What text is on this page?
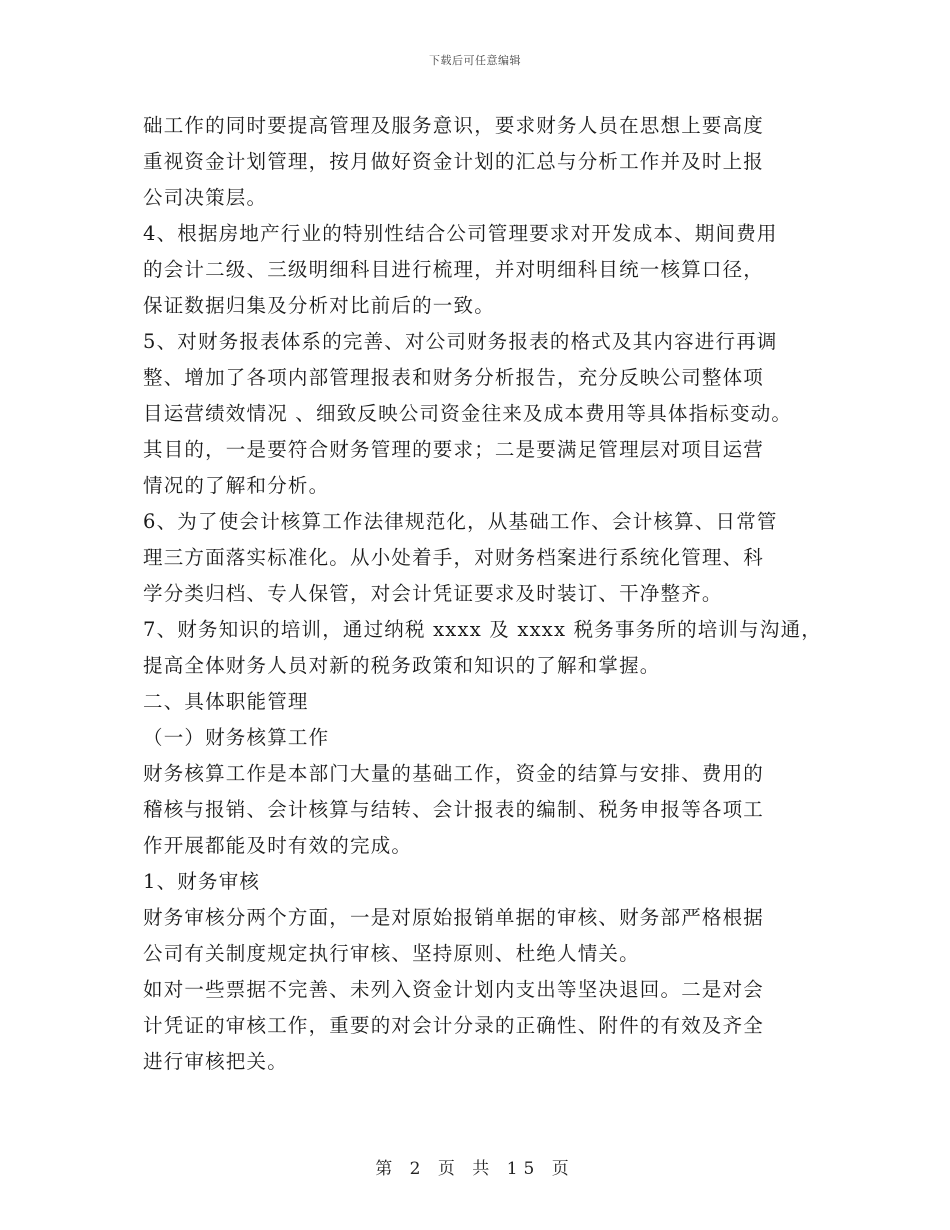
下载后可任意编辑
础工作的同时要提高管理及服务意识，要求财务人员在思想上要高度
重视资金计划管理，按月做好资金计划的汇总与分析工作并及时上报
公司决策层。
4、根据房地产行业的特别性结合公司管理要求对开发成本、期间费用
的会计二级、三级明细科目进行梳理，并对明细科目统一核算口径，
保证数据归集及分析对比前后的一致。
5、对财务报表体系的完善、对公司财务报表的格式及其内容进行再调
整、增加了各项内部管理报表和财务分析报告，充分反映公司整体项
目运营绩效情况 、细致反映公司资金往来及成本费用等具体指标变动。
其目的，一是要符合财务管理的要求；二是要满足管理层对项目运营
情况的了解和分析。
6、为了使会计核算工作法律规范化，从基础工作、会计核算、日常管
理三方面落实标准化。从小处着手，对财务档案进行系统化管理、科
学分类归档、专人保管，对会计凭证要求及时装订、干净整齐。
7、财务知识的培训，通过纳税 xxxx 及 xxxx 税务事务所的培训与沟通，
提高全体财务人员对新的税务政策和知识的了解和掌握。
二、具体职能管理
（一）财务核算工作
财务核算工作是本部门大量的基础工作，资金的结算与安排、费用的
稽核与报销、会计核算与结转、会计报表的编制、税务申报等各项工
作开展都能及时有效的完成。
1、财务审核
财务审核分两个方面，一是对原始报销单据的审核、财务部严格根据
公司有关制度规定执行审核、坚持原则、杜绝人情关。
如对一些票据不完善、未列入资金计划内支出等坚决退回。二是对会
计凭证的审核工作，重要的对会计分录的正确性、附件的有效及齐全
进行审核把关。
第 2 页 共 15 页
